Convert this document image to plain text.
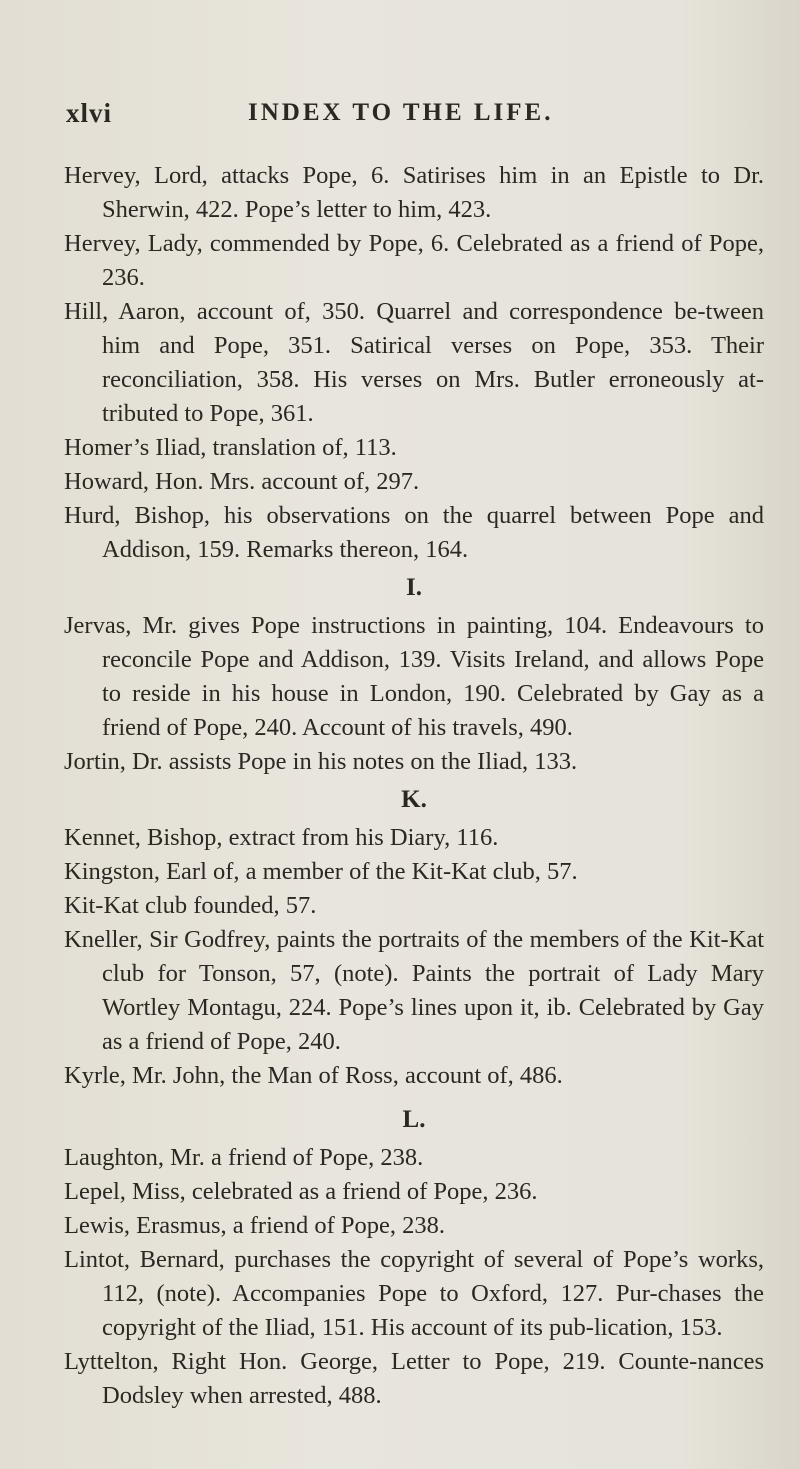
xlvi	INDEX TO THE LIFE.

Hervey, Lord, attacks Pope, 6. Satirises him in an Epistle to Dr. Sherwin, 422. Pope’s letter to him, 423.

Hervey, Lady, commended by Pope, 6. Celebrated as a friend of Pope, 236.

Hill, Aaron, account of, 350. Quarrel and correspondence be-tween him and Pope, 351. Satirical verses on Pope, 353. Their reconciliation, 358. His verses on Mrs. Butler erroneously at-tributed to Pope, 361.

Homer’s Iliad, translation of, 113.

Howard, Hon. Mrs. account of, 297.

Hurd, Bishop, his observations on the quarrel between Pope and Addison, 159. Remarks thereon, 164.

I.

Jervas, Mr. gives Pope instructions in painting, 104. Endeavours to reconcile Pope and Addison, 139. Visits Ireland, and allows Pope to reside in his house in London, 190. Celebrated by Gay as a friend of Pope, 240. Account of his travels, 490.

Jortin, Dr. assists Pope in his notes on the Iliad, 133.

K.

Kennet, Bishop, extract from his Diary, 116.

Kingston, Earl of, a member of the Kit-Kat club, 57.

Kit-Kat club founded, 57.

Kneller, Sir Godfrey, paints the portraits of the members of the Kit-Kat club for Tonson, 57, (note). Paints the portrait of Lady Mary Wortley Montagu, 224. Pope’s lines upon it, ib. Celebrated by Gay as a friend of Pope, 240.

Kyrle, Mr. John, the Man of Ross, account of, 486.

L.

Laughton, Mr. a friend of Pope, 238.

Lepel, Miss, celebrated as a friend of Pope, 236.

Lewis, Erasmus, a friend of Pope, 238.

Lintot, Bernard, purchases the copyright of several of Pope’s works, 112, (note). Accompanies Pope to Oxford, 127. Pur-chases the copyright of the Iliad, 151. His account of its pub-lication, 153.

Lyttelton, Right Hon. George, Letter to Pope, 219. Counte-nances Dodsley when arrested, 488.
